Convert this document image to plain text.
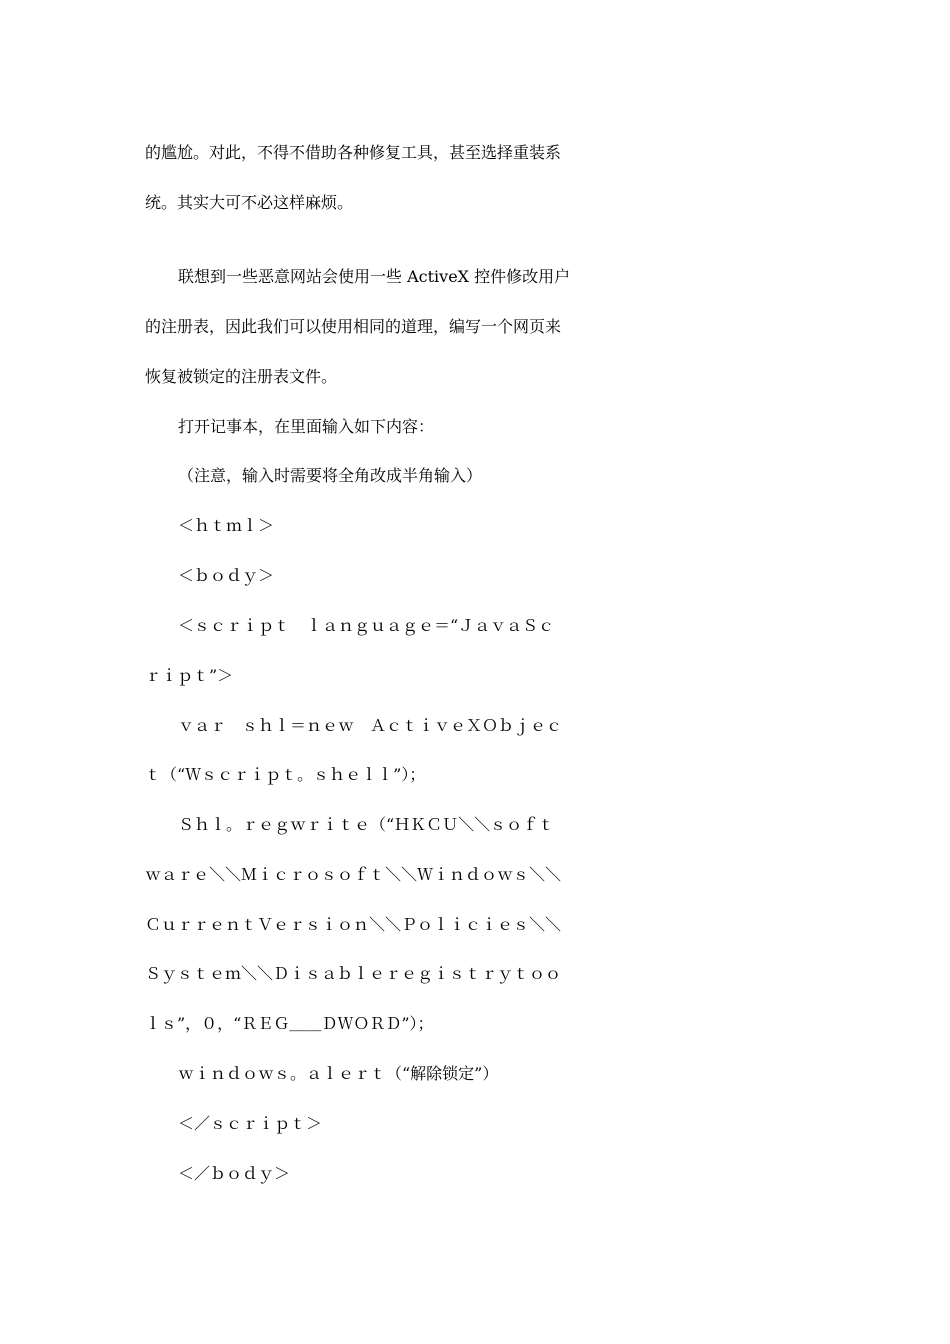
的尴尬。对此，不得不借助各种修复工具，甚至选择重装系
统。其实大可不必这样麻烦。
联想到一些恶意网站会使用一些 ActiveX 控件修改用户
的注册表，因此我们可以使用相同的道理，编写一个网页来
恢复被锁定的注册表文件。
打开记事本，在里面输入如下内容：
（注意，输入时需要将全角改成半角输入）
＜ｈｔｍｌ＞
＜ｂｏｄｙ＞
＜ｓｃｒｉｐｔ　ｌａｎｇｕａｇｅ＝“ＪａｖａＳｃ
ｒｉｐｔ”＞
ｖａｒ　ｓｈｌ＝ｎｅｗ　ＡｃｔｉｖｅＸＯｂｊｅｃ
ｔ（“Ｗｓｃｒｉｐｔ。ｓｈｅｌｌ”）；
Ｓｈｌ。ｒｅｇｗｒｉｔｅ（“ＨＫＣＵ＼＼ｓｏｆｔ
ｗａｒｅ＼＼Ｍｉｃｒｏｓｏｆｔ＼＼Ｗｉｎｄｏｗｓ＼＼
ＣｕｒｒｅｎｔＶｅｒｓｉｏｎ＼＼Ｐｏｌｉｃｉｅｓ＼＼
Ｓｙｓｔｅｍ＼＼Ｄｉｓａｂｌｅｒｅｇｉｓｔｒｙｔｏｏ
ｌｓ”，０，“ＲＥＧ＿＿ＤＷＯＲＤ”）；
ｗｉｎｄｏｗｓ。ａｌｅｒｔ（“解除锁定”）
＜／ｓｃｒｉｐｔ＞
＜／ｂｏｄｙ＞
